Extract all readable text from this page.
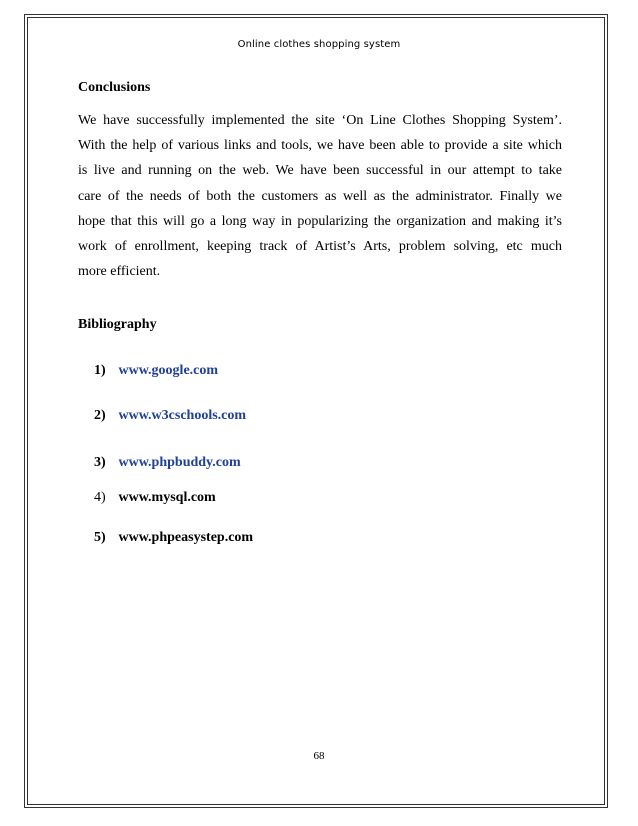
Online clothes shopping system
Conclusions

We have successfully implemented the site ‘On Line Clothes Shopping System’.
With the help of various links and tools, we have been able to provide a site which
is live and running on the web. We have been successful in our attempt to take
care of the needs of both the customers as well as the administrator. Finally we
hope that this will go a long way in popularizing the organization and making it’s
work of enrollment, keeping track of Artist’s Arts, problem solving, etc much
more efficient.

Bibliography
1) www.google.com
2) www.w3cschools.com
3) www.phpbuddy.com
4) www.mysql.com
5) www.phpeasystep.com
68
